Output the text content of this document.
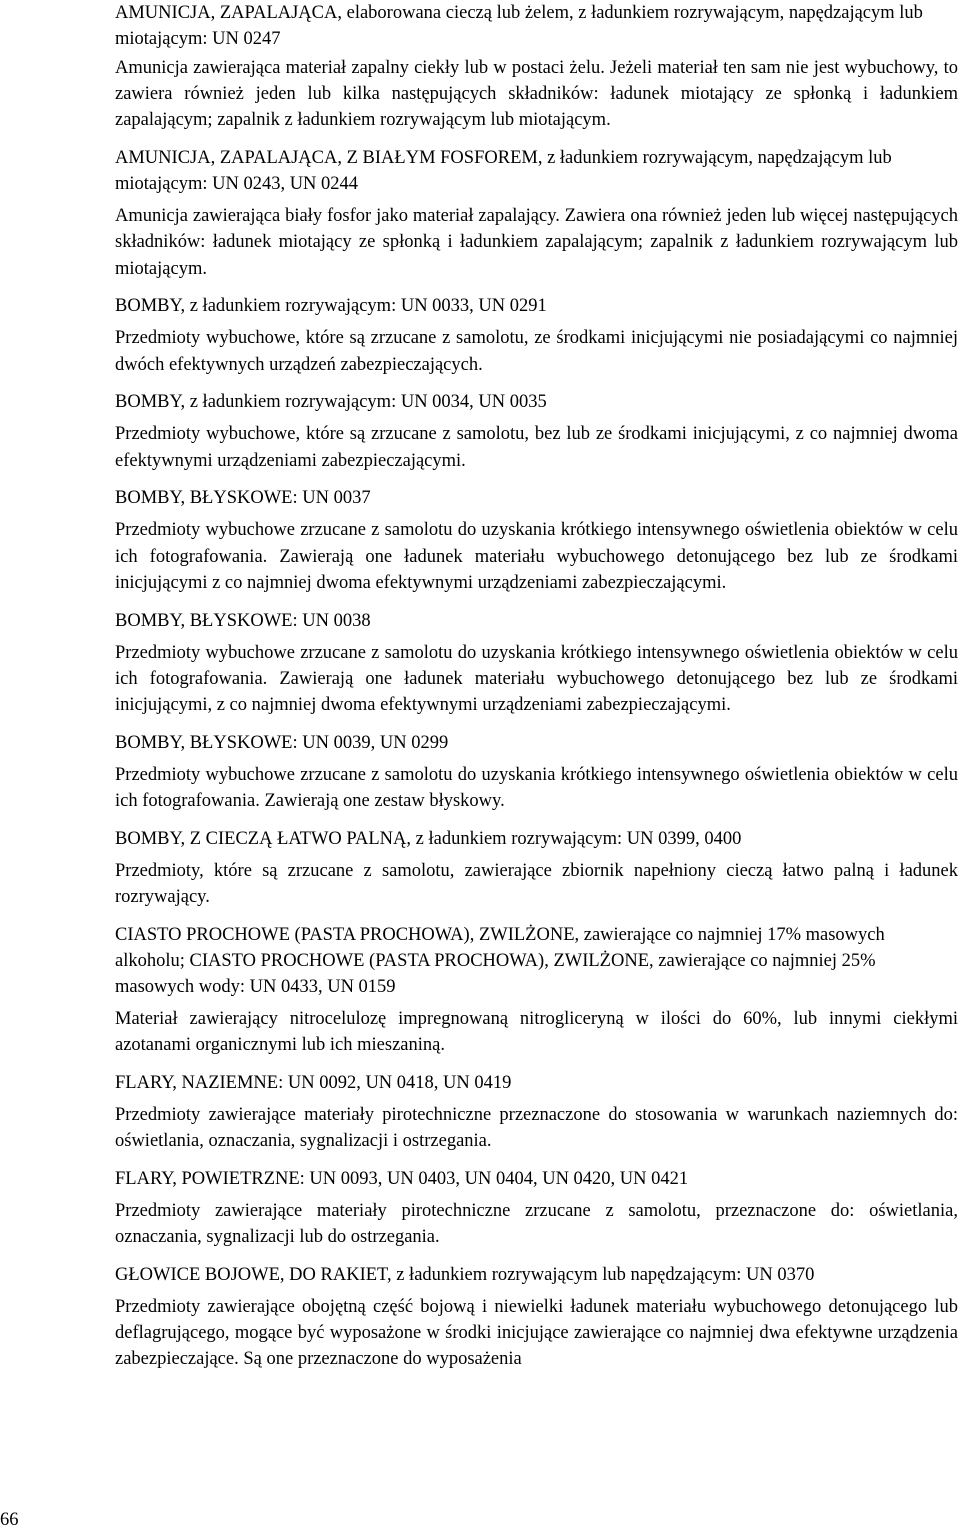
AMUNICJA, ZAPALAJĄCA, elaborowana cieczą lub żelem, z ładunkiem rozrywającym, napędzającym lub miotającym: UN 0247

Amunicja zawierająca materiał zapalny ciekły lub w postaci żelu. Jeżeli materiał ten sam nie jest wybuchowy, to zawiera również jeden lub kilka następujących składników: ładunek miotający ze spłonką i ładunkiem zapalającym; zapalnik z ładunkiem rozrywającym lub miotającym.

AMUNICJA, ZAPALAJĄCA, Z BIAŁYM FOSFOREM, z ładunkiem rozrywającym, napędzającym lub miotającym: UN 0243, UN 0244

Amunicja zawierająca biały fosfor jako materiał zapalający. Zawiera ona również jeden lub więcej następujących składników: ładunek miotający ze spłonką i ładunkiem zapalającym; zapalnik z ładunkiem rozrywającym lub miotającym.

BOMBY, z ładunkiem rozrywającym: UN 0033, UN 0291

Przedmioty wybuchowe, które są zrzucane z samolotu, ze środkami inicjującymi nie posiadającymi co najmniej dwóch efektywnych urządzeń zabezpieczających.

BOMBY, z ładunkiem rozrywającym: UN 0034, UN 0035

Przedmioty wybuchowe, które są zrzucane z samolotu, bez lub ze środkami inicjującymi, z co najmniej dwoma efektywnymi urządzeniami zabezpieczającymi.

BOMBY, BŁYSKOWE: UN 0037

Przedmioty wybuchowe zrzucane z samolotu do uzyskania krótkiego intensywnego oświetlenia obiektów w celu ich fotografowania. Zawierają one ładunek materiału wybuchowego detonującego bez lub ze środkami inicjującymi z co najmniej dwoma efektywnymi urządzeniami zabezpieczającymi.

BOMBY, BŁYSKOWE: UN 0038

Przedmioty wybuchowe zrzucane z samolotu do uzyskania krótkiego intensywnego oświetlenia obiektów w celu ich fotografowania. Zawierają one ładunek materiału wybuchowego detonującego bez lub ze środkami inicjującymi, z co najmniej dwoma efektywnymi urządzeniami zabezpieczającymi.

BOMBY, BŁYSKOWE: UN 0039, UN 0299

Przedmioty wybuchowe zrzucane z samolotu do uzyskania krótkiego intensywnego oświetlenia obiektów w celu ich fotografowania. Zawierają one zestaw błyskowy.

BOMBY, Z CIECZĄ ŁATWO PALNĄ, z ładunkiem rozrywającym: UN 0399, 0400

Przedmioty, które są zrzucane z samolotu, zawierające zbiornik napełniony cieczą łatwo palną i ładunek rozrywający.

CIASTO PROCHOWE (PASTA PROCHOWA), ZWILŻONE, zawierające co najmniej 17% masowych alkoholu; CIASTO PROCHOWE (PASTA PROCHOWA), ZWILŻONE, zawierające co najmniej 25% masowych wody: UN 0433, UN 0159

Materiał zawierający nitrocelulozę impregnowaną nitrogliceryną w ilości do 60%, lub innymi ciekłymi azotanami organicznymi lub ich mieszaniną.

FLARY, NAZIEMNE: UN 0092, UN 0418, UN 0419

Przedmioty zawierające materiały pirotechniczne przeznaczone do stosowania w warunkach naziemnych do: oświetlania, oznaczania, sygnalizacji i ostrzegania.

FLARY, POWIETRZNE: UN 0093, UN 0403, UN 0404, UN 0420, UN 0421

Przedmioty zawierające materiały pirotechniczne zrzucane z samolotu, przeznaczone do: oświetlania, oznaczania, sygnalizacji lub do ostrzegania.

GŁOWICE BOJOWE, DO RAKIET, z ładunkiem rozrywającym lub napędzającym: UN 0370

Przedmioty zawierające obojętną część bojową i niewielki ładunek materiału wybuchowego detonującego lub deflagrującego, mogące być wyposażone w środki inicjujące zawierające co najmniej dwa efektywne urządzenia zabezpieczające. Są one przeznaczone do wyposażenia

66
